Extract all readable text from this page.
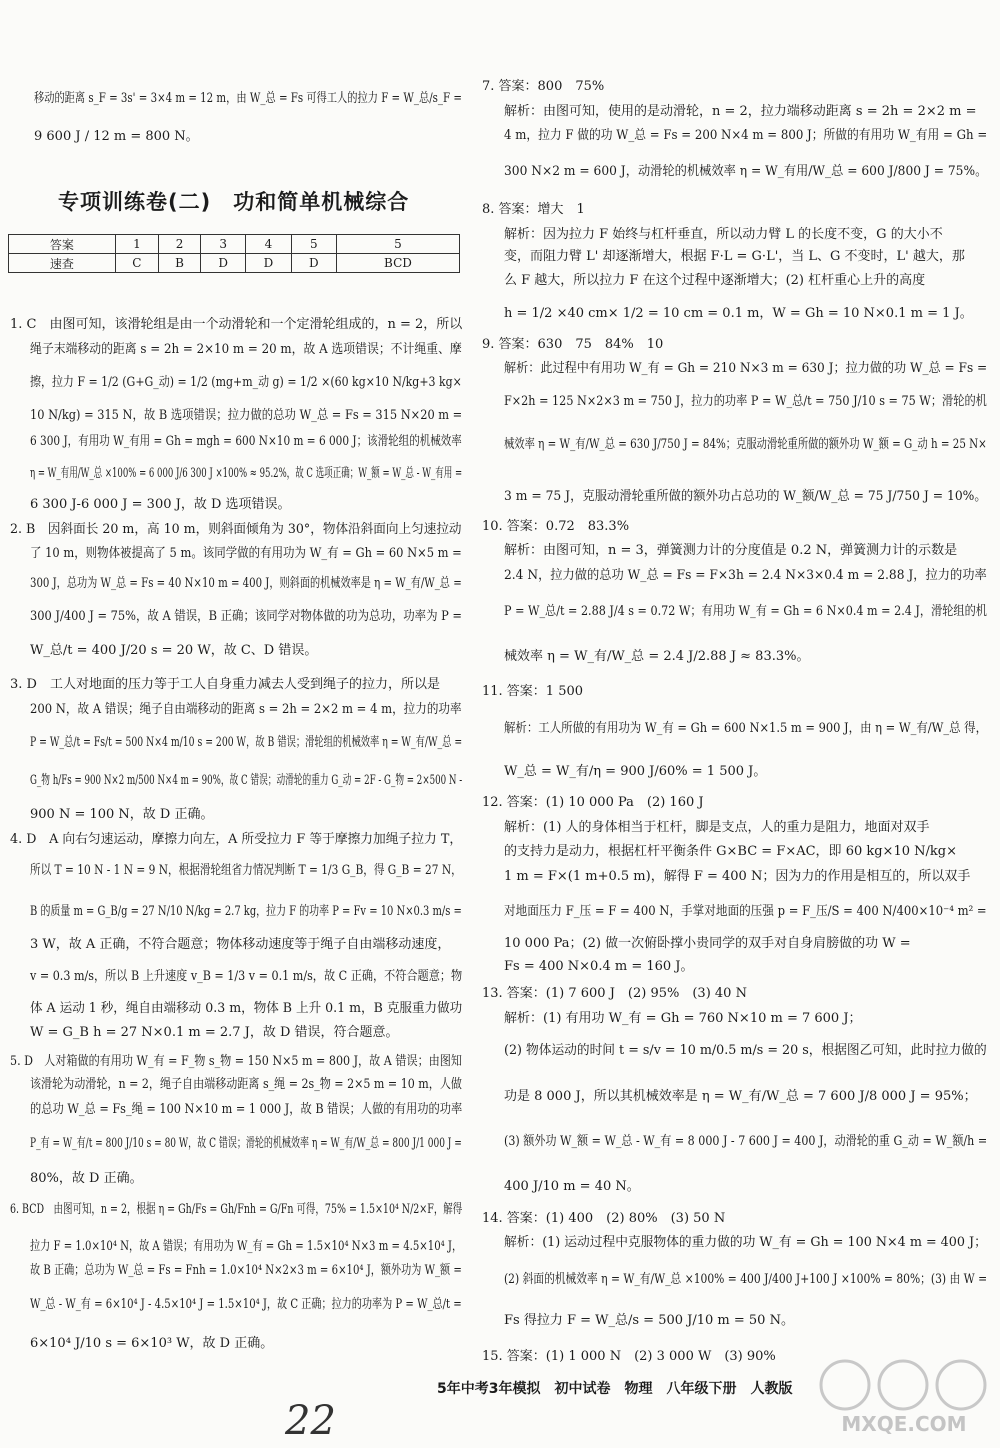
移动的距离 s_F = 3s' = 3×4 m = 12 m，由 W_总 = Fs 可得工人的拉力 F = W_总/s_F =
9 600 J / 12 m = 800 N。
专项训练卷(二)　功和简单机械综合
答案	1	2	3	4	5	5
速查	C	B	D	D	D	BCD
1. C　由图可知，该滑轮组是由一个动滑轮和一个定滑轮组成的，n = 2，所以
绳子末端移动的距离 s = 2h = 2×10 m = 20 m，故 A 选项错误；不计绳重、摩
擦，拉力 F = 1/2 (G+G_动) = 1/2 (mg+m_动 g) = 1/2 ×(60 kg×10 N/kg+3 kg×
10 N/kg) = 315 N，故 B 选项错误；拉力做的总功 W_总 = Fs = 315 N×20 m =
6 300 J，有用功 W_有用 = Gh = mgh = 600 N×10 m = 6 000 J；该滑轮组的机械效率
η = W_有用/W_总 ×100% = 6 000 J/6 300 J ×100% ≈ 95.2%，故 C 选项正确；W_额 = W_总 - W_有用 =
6 300 J-6 000 J = 300 J，故 D 选项错误。
2. B　因斜面长 20 m，高 10 m，则斜面倾角为 30°，物体沿斜面向上匀速拉动
了 10 m，则物体被提高了 5 m。该同学做的有用功为 W_有 = Gh = 60 N×5 m =
300 J，总功为 W_总 = Fs = 40 N×10 m = 400 J，则斜面的机械效率是 η = W_有/W_总 =
300 J/400 J = 75%，故 A 错误，B 正确；该同学对物体做的功为总功，功率为 P =
W_总/t = 400 J/20 s = 20 W，故 C、D 错误。
3. D　工人对地面的压力等于工人自身重力减去人受到绳子的拉力，所以是
200 N，故 A 错误；绳子自由端移动的距离 s = 2h = 2×2 m = 4 m，拉力的功率
P = W_总/t = Fs/t = 500 N×4 m/10 s = 200 W，故 B 错误；滑轮组的机械效率 η = W_有/W_总 =
G_物 h/Fs = 900 N×2 m/500 N×4 m = 90%，故 C 错误；动滑轮的重力 G_动 = 2F - G_物 = 2×500 N -
900 N = 100 N，故 D 正确。
4. D　A 向右匀速运动，摩擦力向左，A 所受拉力 F 等于摩擦力加绳子拉力 T，
所以 T = 10 N - 1 N = 9 N，根据滑轮组省力情况判断 T = 1/3 G_B，得 G_B = 27 N，
B 的质量 m = G_B/g = 27 N/10 N/kg = 2.7 kg，拉力 F 的功率 P = Fv = 10 N×0.3 m/s =
3 W，故 A 正确，不符合题意；物体移动速度等于绳子自由端移动速度，
v = 0.3 m/s，所以 B 上升速度 v_B = 1/3 v = 0.1 m/s，故 C 正确，不符合题意；物
体 A 运动 1 秒，绳自由端移动 0.3 m，物体 B 上升 0.1 m，B 克服重力做功
W = G_B h = 27 N×0.1 m = 2.7 J，故 D 错误，符合题意。
5. D　人对箱做的有用功 W_有 = F_物 s_物 = 150 N×5 m = 800 J，故 A 错误；由图知
该滑轮为动滑轮，n = 2，绳子自由端移动距离 s_绳 = 2s_物 = 2×5 m = 10 m，人做
的总功 W_总 = Fs_绳 = 100 N×10 m = 1 000 J，故 B 错误；人做的有用功的功率
P_有 = W_有/t = 800 J/10 s = 80 W，故 C 错误；滑轮的机械效率 η = W_有/W_总 = 800 J/1 000 J =
80%，故 D 正确。
6. BCD　由图可知，n = 2，根据 η = Gh/Fs = Gh/Fnh = G/Fn 可得，75% = 1.5×10⁴ N/2×F，解得
拉力 F = 1.0×10⁴ N，故 A 错误；有用功为 W_有 = Gh = 1.5×10⁴ N×3 m = 4.5×10⁴ J，
故 B 正确；总功为 W_总 = Fs = Fnh = 1.0×10⁴ N×2×3 m = 6×10⁴ J，额外功为 W_额 =
W_总 - W_有 = 6×10⁴ J - 4.5×10⁴ J = 1.5×10⁴ J，故 C 正确；拉力的功率为 P = W_总/t =
6×10⁴ J/10 s = 6×10³ W，故 D 正确。
7. 答案：800　75%
解析：由图可知，使用的是动滑轮，n = 2，拉力端移动距离 s = 2h = 2×2 m =
4 m，拉力 F 做的功 W_总 = Fs = 200 N×4 m = 800 J；所做的有用功 W_有用 = Gh =
300 N×2 m = 600 J，动滑轮的机械效率 η = W_有用/W_总 = 600 J/800 J = 75%。
8. 答案：增大　1
解析：因为拉力 F 始终与杠杆垂直，所以动力臂 L 的长度不变，G 的大小不
变，而阻力臂 L' 却逐渐增大，根据 F·L = G·L'，当 L、G 不变时，L' 越大，那
么 F 越大，所以拉力 F 在这个过程中逐渐增大；(2) 杠杆重心上升的高度
h = 1/2 ×40 cm× 1/2 = 10 cm = 0.1 m，W = Gh = 10 N×0.1 m = 1 J。
9. 答案：630　75　84%　10
解析：此过程中有用功 W_有 = Gh = 210 N×3 m = 630 J；拉力做的功 W_总 = Fs =
F×2h = 125 N×2×3 m = 750 J，拉力的功率 P = W_总/t = 750 J/10 s = 75 W；滑轮的机
械效率 η = W_有/W_总 = 630 J/750 J = 84%；克服动滑轮重所做的额外功 W_额 = G_动 h = 25 N×
3 m = 75 J，克服动滑轮重所做的额外功占总功的 W_额/W_总 = 75 J/750 J = 10%。
10. 答案：0.72　83.3%
解析：由图可知，n = 3，弹簧测力计的分度值是 0.2 N，弹簧测力计的示数是
2.4 N，拉力做的总功 W_总 = Fs = F×3h = 2.4 N×3×0.4 m = 2.88 J，拉力的功率
P = W_总/t = 2.88 J/4 s = 0.72 W；有用功 W_有 = Gh = 6 N×0.4 m = 2.4 J，滑轮组的机
械效率 η = W_有/W_总 = 2.4 J/2.88 J ≈ 83.3%。
11. 答案：1 500
解析：工人所做的有用功为 W_有 = Gh = 600 N×1.5 m = 900 J，由 η = W_有/W_总 得，
W_总 = W_有/η = 900 J/60% = 1 500 J。
12. 答案：(1) 10 000 Pa　(2) 160 J
解析：(1) 人的身体相当于杠杆，脚是支点，人的重力是阻力，地面对双手
的支持力是动力，根据杠杆平衡条件 G×BC = F×AC，即 60 kg×10 N/kg×
1 m = F×(1 m+0.5 m)，解得 F = 400 N；因为力的作用是相互的，所以双手
对地面压力 F_压 = F = 400 N，手掌对地面的压强 p = F_压/S = 400 N/400×10⁻⁴ m² =
10 000 Pa；(2) 做一次俯卧撑小贵同学的双手对自身肩膀做的功 W =
Fs = 400 N×0.4 m = 160 J。
13. 答案：(1) 7 600 J　(2) 95%　(3) 40 N
解析：(1) 有用功 W_有 = Gh = 760 N×10 m = 7 600 J；
(2) 物体运动的时间 t = s/v = 10 m/0.5 m/s = 20 s，根据图乙可知，此时拉力做的
功是 8 000 J，所以其机械效率是 η = W_有/W_总 = 7 600 J/8 000 J = 95%；
(3) 额外功 W_额 = W_总 - W_有 = 8 000 J - 7 600 J = 400 J，动滑轮的重 G_动 = W_额/h =
400 J/10 m = 40 N。
14. 答案：(1) 400　(2) 80%　(3) 50 N
解析：(1) 运动过程中克服物体的重力做的功 W_有 = Gh = 100 N×4 m = 400 J；
(2) 斜面的机械效率 η = W_有/W_总 ×100% = 400 J/400 J+100 J ×100% = 80%；(3) 由 W =
Fs 得拉力 F = W_总/s = 500 J/10 m = 50 N。
15. 答案：(1) 1 000 N　(2) 3 000 W　(3) 90%
5年中考3年模拟　初中试卷　物理　八年级下册　人教版
22	MXQE.COM
